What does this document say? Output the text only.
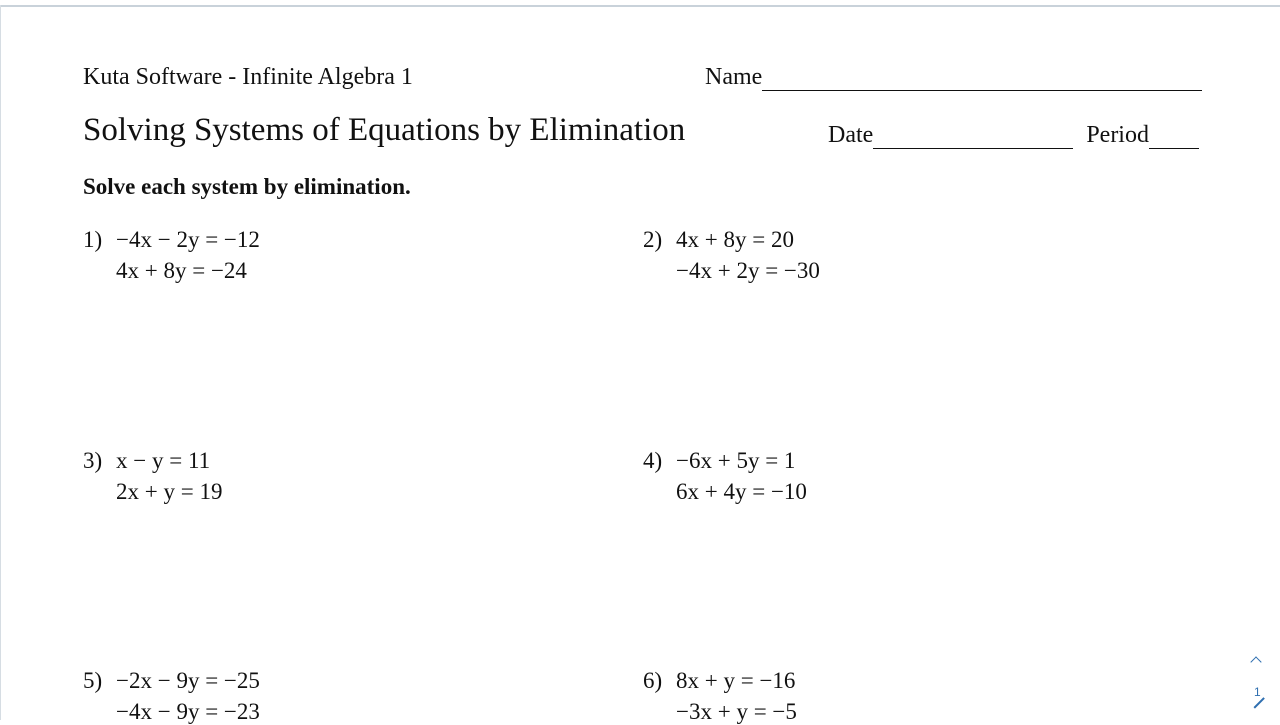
Kuta Software - Infinite Algebra 1	Name
Solving Systems of Equations by Elimination	Date	Period
Solve each system by elimination.
1) −4x − 2y = −12
4x + 8y = −24
2) 4x + 8y = 20
−4x + 2y = −30
3) x − y = 11
2x + y = 19
4) −6x + 5y = 1
6x + 4y = −10
5) −2x − 9y = −25
−4x − 9y = −23
6) 8x + y = −16
−3x + y = −5
1
